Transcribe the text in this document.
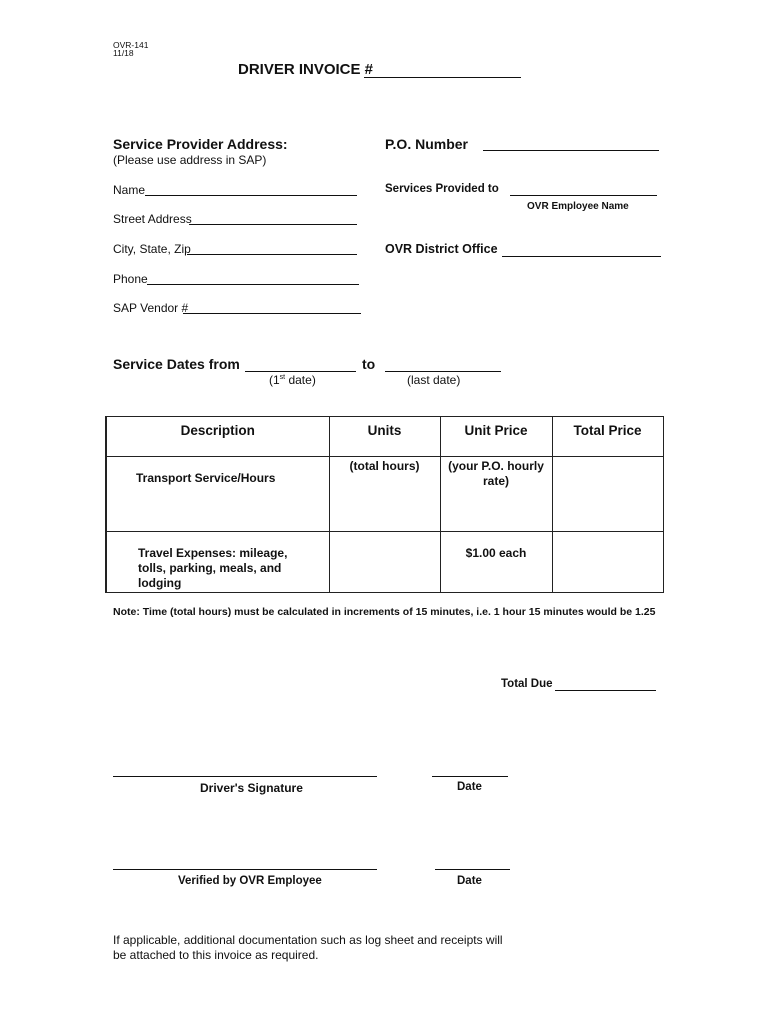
OVR-141
11/18
DRIVER INVOICE #
Service Provider Address:
(Please use address in SAP)
Name
Street Address
City, State, Zip
Phone
SAP Vendor #
P.O. Number
Services Provided to
OVR Employee Name
OVR District Office
Service Dates from	to
(1st date)	(last date)
Description	Units	Unit Price	Total Price
Transport Service/Hours	(total hours)	(your P.O. hourly rate)	
Travel Expenses: mileage, tolls, parking, meals, and lodging		$1.00 each	
Note: Time (total hours) must be calculated in increments of 15 minutes, i.e. 1 hour 15 minutes would be 1.25
Total Due
Driver's Signature	Date
Verified by OVR Employee	Date
If applicable, additional documentation such as log sheet and receipts will be attached to this invoice as required.
